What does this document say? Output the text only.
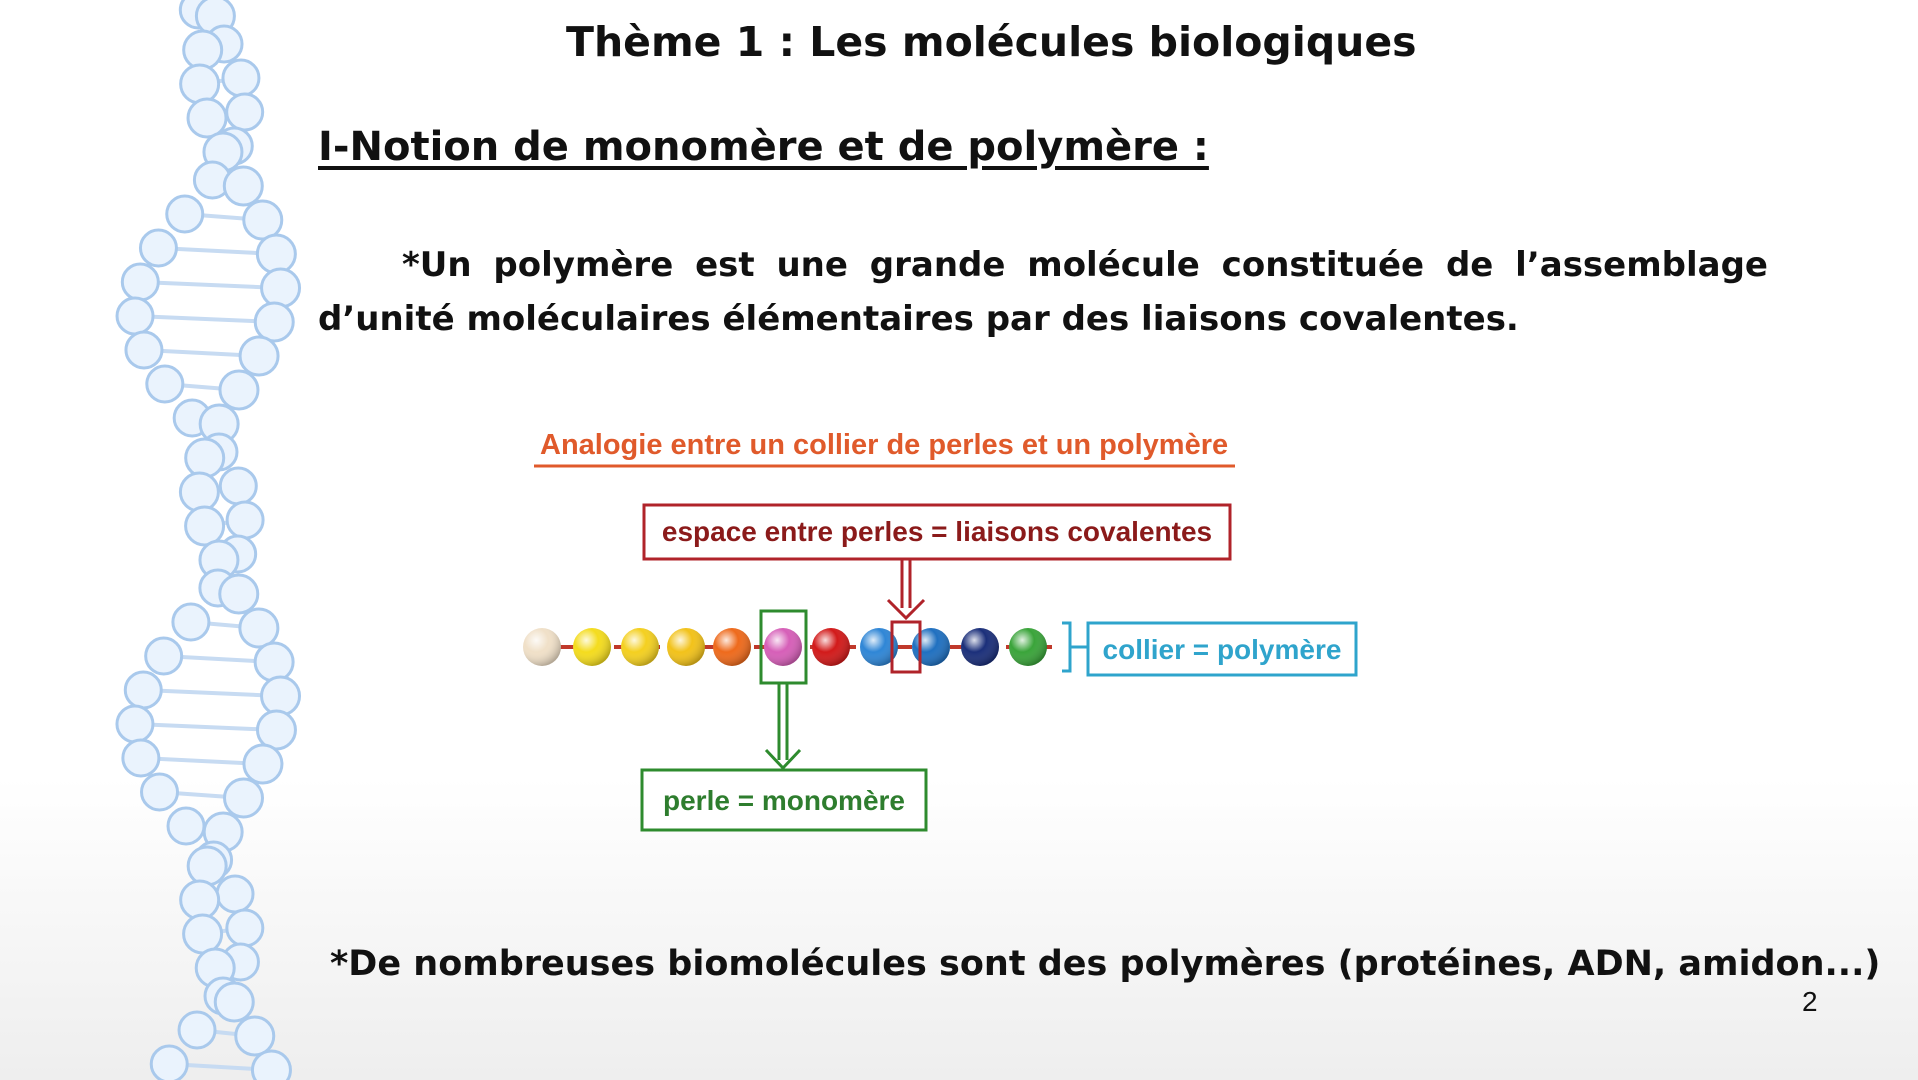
Thème 1 : Les molécules biologiques
I-Notion de monomère et de polymère :
*Un polymère est une grande molécule constituée de l’assemblage d’unité moléculaires élémentaires par des liaisons covalentes.
Analogie entre un collier de perles et un polymère
espace entre perles = liaisons covalentes
collier = polymère
perle = monomère
*De nombreuses biomolécules sont des polymères (protéines, ADN, amidon...)
2
